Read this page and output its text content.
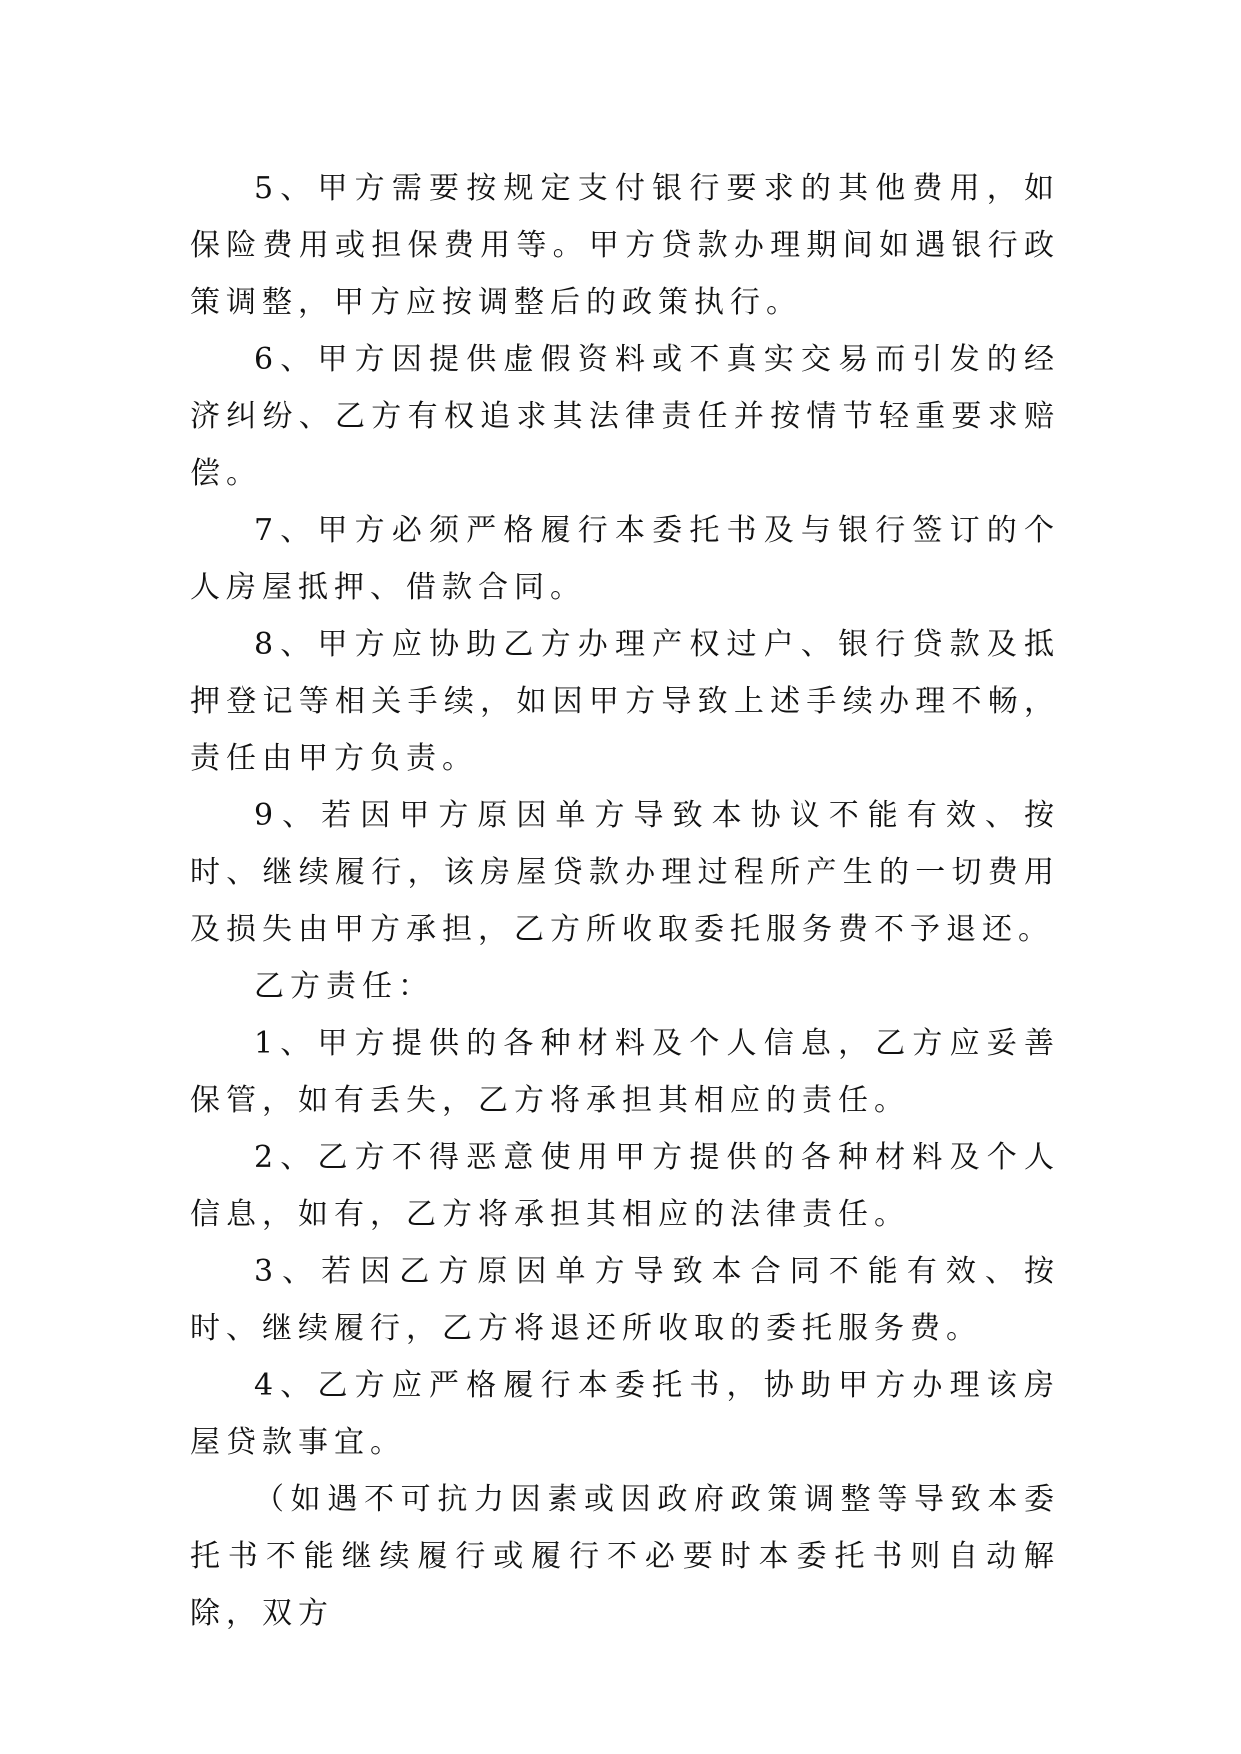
5、甲方需要按规定支付银行要求的其他费用，如保险费用或担保费用等。甲方贷款办理期间如遇银行政策调整，甲方应按调整后的政策执行。

6、甲方因提供虚假资料或不真实交易而引发的经济纠纷、乙方有权追求其法律责任并按情节轻重要求赔偿。

7、甲方必须严格履行本委托书及与银行签订的个人房屋抵押、借款合同。

8、甲方应协助乙方办理产权过户、银行贷款及抵押登记等相关手续，如因甲方导致上述手续办理不畅，责任由甲方负责。

9、若因甲方原因单方导致本协议不能有效、按时、继续履行，该房屋贷款办理过程所产生的一切费用及损失由甲方承担，乙方所收取委托服务费不予退还。

乙方责任：

1、甲方提供的各种材料及个人信息，乙方应妥善保管，如有丢失，乙方将承担其相应的责任。

2、乙方不得恶意使用甲方提供的各种材料及个人信息，如有，乙方将承担其相应的法律责任。

3、若因乙方原因单方导致本合同不能有效、按时、继续履行，乙方将退还所收取的委托服务费。

4、乙方应严格履行本委托书，协助甲方办理该房屋贷款事宜。

（如遇不可抗力因素或因政府政策调整等导致本委托书不能继续履行或履行不必要时本委托书则自动解除，双方
